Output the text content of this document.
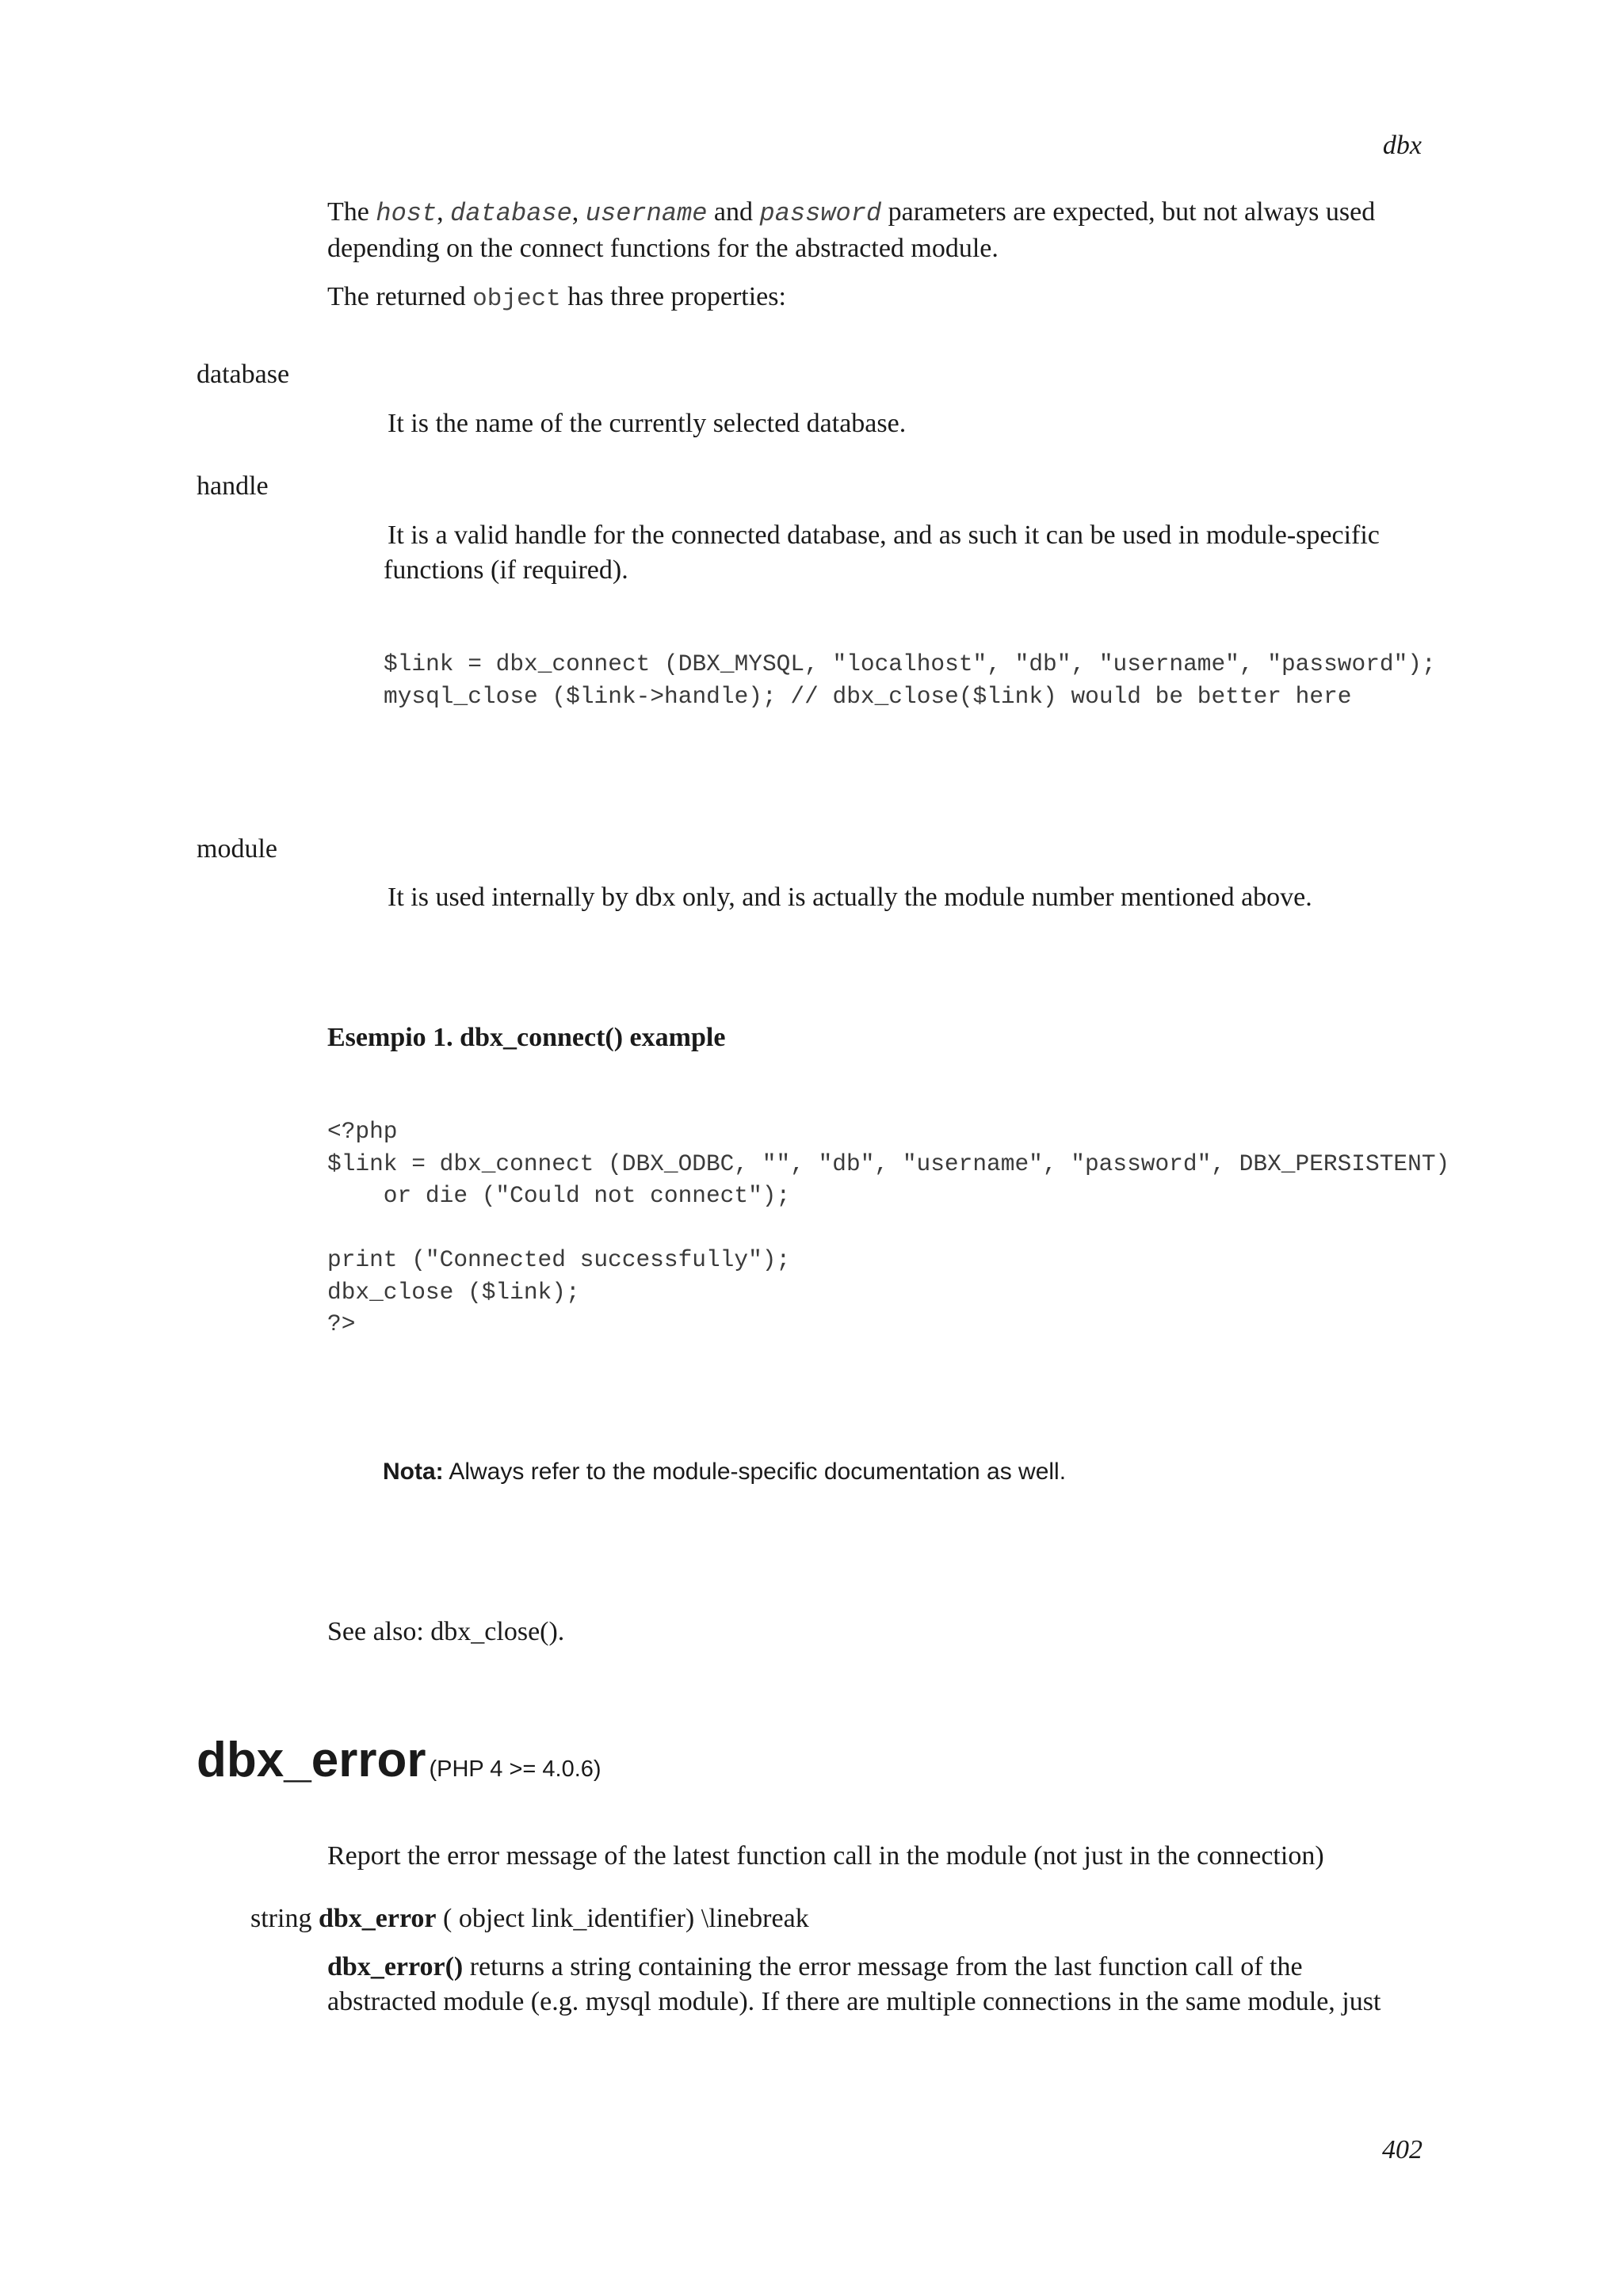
dbx
The host, database, username and password parameters are expected, but not always used
depending on the connect functions for the abstracted module.
The returned object has three properties:
database
It is the name of the currently selected database.
handle
It is a valid handle for the connected database, and as such it can be used in module-specific
functions (if required).
$link = dbx_connect (DBX_MYSQL, "localhost", "db", "username", "password");
mysql_close ($link->handle); // dbx_close($link) would be better here
module
It is used internally by dbx only, and is actually the module number mentioned above.
Esempio 1. dbx_connect() example
<?php
$link = dbx_connect (DBX_ODBC, "", "db", "username", "password", DBX_PERSISTENT)
or die ("Could not connect");

print ("Connected successfully");
dbx_close ($link);
?>
Nota: Always refer to the module-specific documentation as well.
See also: dbx_close().
dbx_error (PHP 4 >= 4.0.6)
Report the error message of the latest function call in the module (not just in the connection)
string dbx_error ( object link_identifier) \linebreak
dbx_error() returns a string containing the error message from the last function call of the
abstracted module (e.g. mysql module). If there are multiple connections in the same module, just
402
